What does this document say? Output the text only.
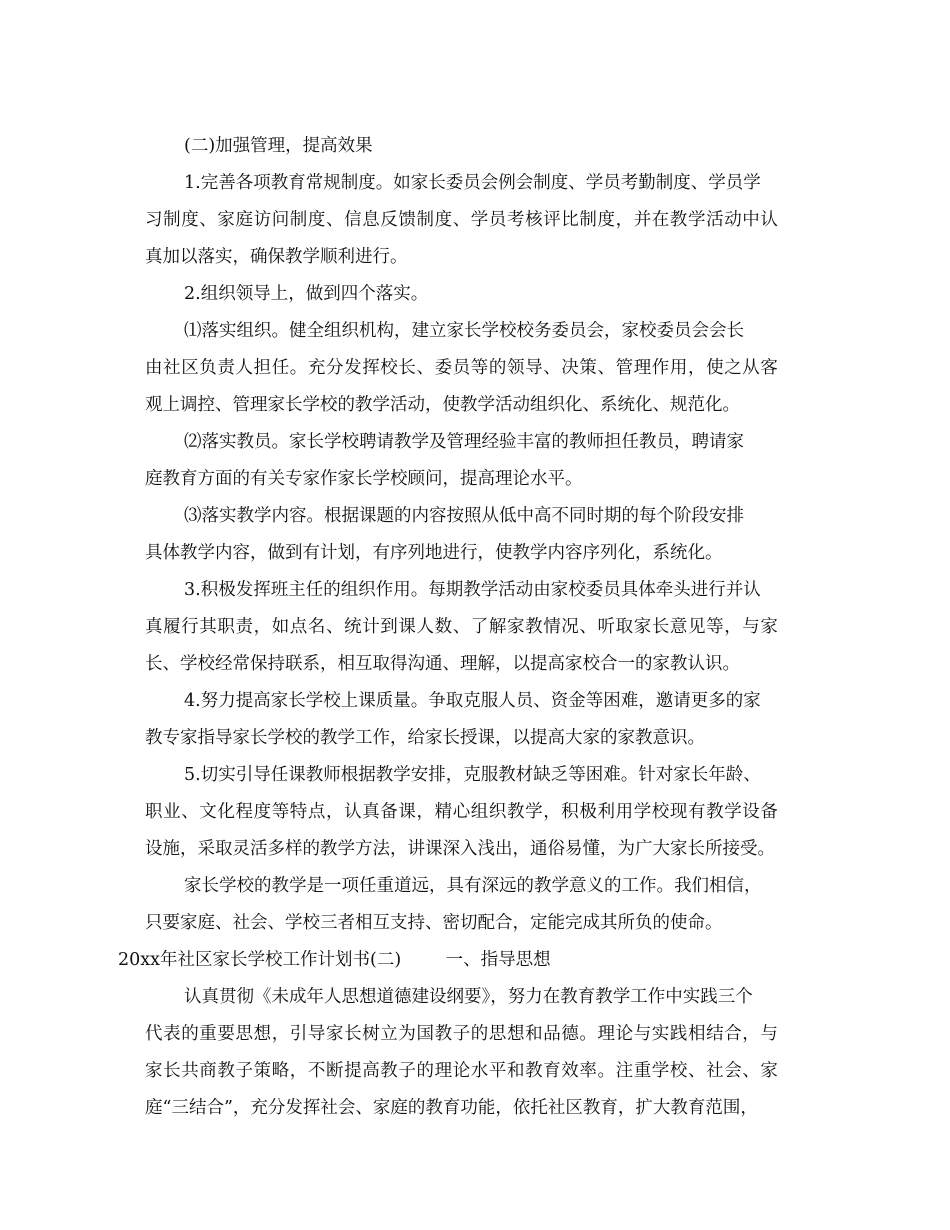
(二)加强管理，提高效果
1.完善各项教育常规制度。如家长委员会例会制度、学员考勤制度、学员学
习制度、家庭访问制度、信息反馈制度、学员考核评比制度，并在教学活动中认
真加以落实，确保教学顺利进行。
2.组织领导上，做到四个落实。
⑴落实组织。健全组织机构，建立家长学校校务委员会，家校委员会会长
由社区负责人担任。充分发挥校长、委员等的领导、决策、管理作用，使之从客
观上调控、管理家长学校的教学活动，使教学活动组织化、系统化、规范化。
⑵落实教员。家长学校聘请教学及管理经验丰富的教师担任教员，聘请家
庭教育方面的有关专家作家长学校顾问，提高理论水平。
⑶落实教学内容。根据课题的内容按照从低中高不同时期的每个阶段安排
具体教学内容，做到有计划，有序列地进行，使教学内容序列化，系统化。
3.积极发挥班主任的组织作用。每期教学活动由家校委员具体牵头进行并认
真履行其职责，如点名、统计到课人数、了解家教情况、听取家长意见等，与家
长、学校经常保持联系，相互取得沟通、理解，以提高家校合一的家教认识。
4.努力提高家长学校上课质量。争取克服人员、资金等困难，邀请更多的家
教专家指导家长学校的教学工作，给家长授课，以提高大家的家教意识。
5.切实引导任课教师根据教学安排，克服教材缺乏等困难。针对家长年龄、
职业、文化程度等特点，认真备课，精心组织教学，积极利用学校现有教学设备
设施，采取灵活多样的教学方法，讲课深入浅出，通俗易懂，为广大家长所接受。
家长学校的教学是一项任重道远，具有深远的教学意义的工作。我们相信，
只要家庭、社会、学校三者相互支持、密切配合，定能完成其所负的使命。
20xx年社区家长学校工作计划书(二)        一、指导思想
认真贯彻《未成年人思想道德建设纲要》，努力在教育教学工作中实践三个
代表的重要思想，引导家长树立为国教子的思想和品德。理论与实践相结合，与
家长共商教子策略，不断提高教子的理论水平和教育效率。注重学校、社会、家
庭“三结合”，充分发挥社会、家庭的教育功能，依托社区教育，扩大教育范围，
